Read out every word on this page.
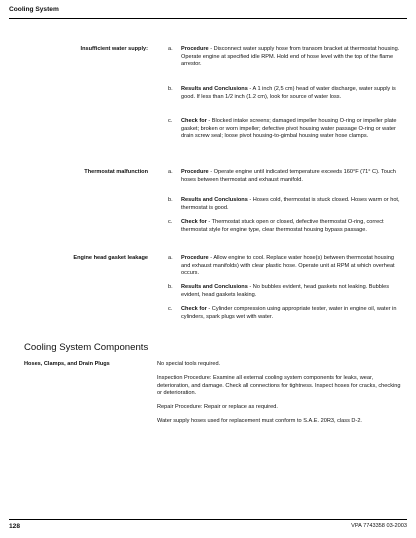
Cooling System
Insufficient water supply:	a.	Procedure - Disconnect water supply hose from transom bracket at thermostat housing. Operate engine at specified idle RPM. Hold end of hose level with the top of the flame arrestor.
b.	Results and Conclusions - A 1 inch (2,5 cm) head of water discharge, water supply is good. If less than 1/2 inch (1.2 cm), look for source of water loss.
c.	Check for - Blocked intake screens; damaged impeller housing O-ring or impeller plate gasket; broken or worn impeller; defective pivot housing water passage O-ring or water drain screw seal; loose pivot housing-to-gimbal housing water hose clamps.
Thermostat malfunction	a.	Procedure - Operate engine until indicated temperature exceeds 160°F (71° C). Touch hoses between thermostat and exhaust manifold.
b.	Results and Conclusions - Hoses cold, thermostat is stuck closed. Hoses warm or hot, thermostat is good.
c.	Check for - Thermostat stuck open or closed, defective thermostat O-ring, correct thermostat style for engine type, clear thermostat housing bypass passage.
Engine head gasket leakage	a.	Procedure - Allow engine to cool. Replace water hose(s) between thermostat housing and exhaust manifolds) with clear plastic hose. Operate unit at RPM at which overheat occurs.
b.	Results and Conclusions - No bubbles evident, head gaskets not leaking. Bubbles evident, head gaskets leaking.
c.	Check for - Cylinder compression using appropriate tester, water in engine oil, water in cylinders, spark plugs wet with water.
Cooling System Components
Hoses, Clamps, and Drain Plugs	No special tools required.
Inspection Procedure: Examine all external cooling system components for leaks, wear, deterioration, and damage. Check all connections for tightness. Inspect hoses for cracks, checking or deterioration.
Repair Procedure: Repair or replace as required.
Water supply hoses used for replacement must conform to S.A.E. 20R3, class D-2.
128	VPA 7743358 03-2003
